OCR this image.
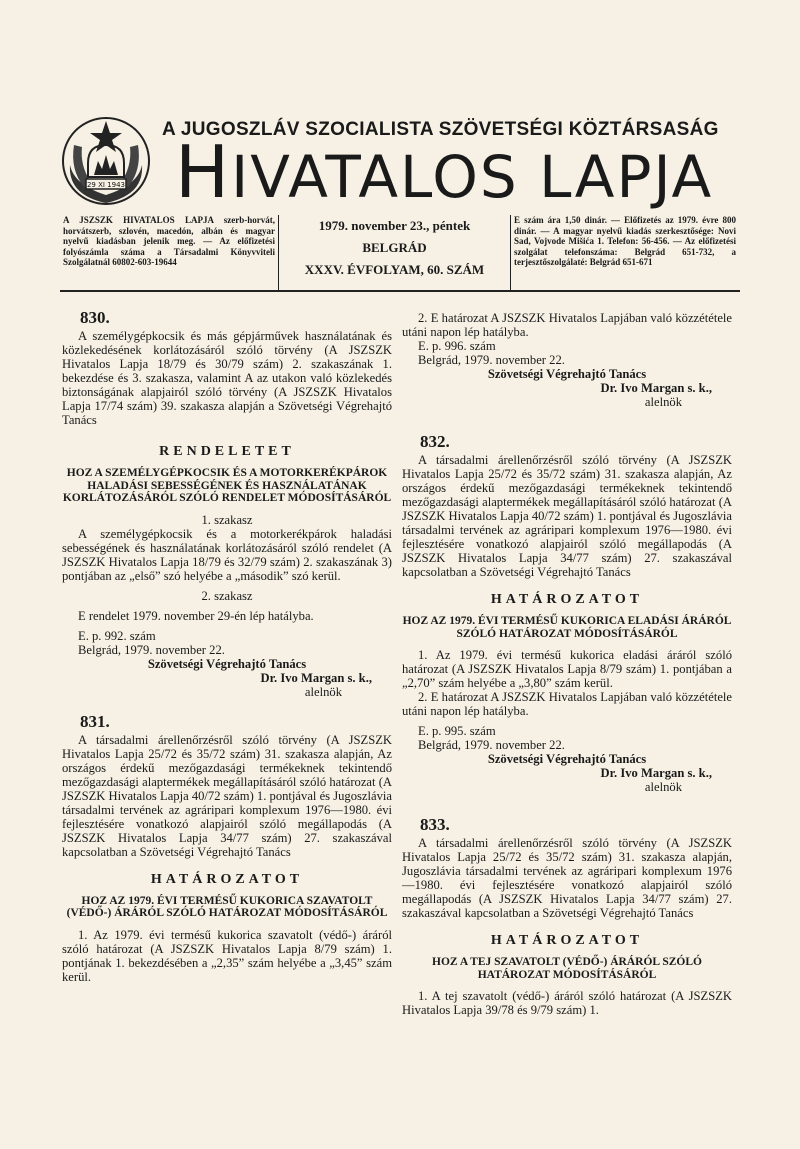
29 XI 1943
A JUGOSZLÁV SZOCIALISTA SZÖVETSÉGI KÖZTÁRSASÁG
HIVATALOS LAPJA
A JSZSZK HIVATALOS LAPJA szerb-horvát, horvátszerb, szlovén, macedón, albán és magyar nyelvű kiadásban jelenik meg. — Az előfizetési folyószámla száma a Társadalmi Könyvviteli Szolgálatnál 60802-603-19644
1979. november 23., péntek
BELGRÁD
XXXV. ÉVFOLYAM, 60. SZÁM
E szám ára 1,50 dinár. — Előfizetés az 1979. évre 800 dinár. — A magyar nyelvű kiadás szerkesztősége: Novi Sad, Vojvode Mišića 1. Telefon: 56-456. — Az előfizetési szolgálat telefonszáma: Belgrád 651-732, a terjesztőszolgálaté: Belgrád 651-671
830.

A személygépkocsik és más gépjárművek használatának és közlekedésének korlátozásáról szóló törvény (A JSZSZK Hivatalos Lapja 18/79 és 30/79 szám) 2. szakaszának 1. bekezdése és 3. szakasza, valamint A az utakon való közlekedés biztonságának alapjairól szóló törvény (A JSZSZK Hivatalos Lapja 17/74 szám) 39. szakasza alapján a Szövetségi Végrehajtó Tanács

RENDELETET
HOZ A SZEMÉLYGÉPKOCSIK ÉS A MOTORKERÉKPÁROK HALADÁSI SEBESSÉGÉNEK ÉS HASZNÁLATÁNAK KORLÁTOZÁSÁRÓL SZÓLÓ RENDELET MÓDOSÍTÁSÁRÓL

1. szakasz

A személygépkocsik és a motorkerékpárok haladási sebességének és használatának korlátozásáról szóló rendelet (A JSZSZK Hivatalos Lapja 18/79 és 32/79 szám) 2. szakaszának 3) pontjában az „első” szó helyébe a „második” szó kerül.

2. szakasz

E rendelet 1979. november 29-én lép hatályba.

E. p. 992. szám

Belgrád, 1979. november 22.

Szövetségi Végrehajtó Tanács

Dr. Ivo Margan s. k.,

alelnök

831.

A társadalmi árellenőrzésről szóló törvény (A JSZSZK Hivatalos Lapja 25/72 és 35/72 szám) 31. szakasza alapján, Az országos érdekű mezőgazdasági termékeknek tekintendő mezőgazdasági alaptermékek megállapításáról szóló határozat (A JSZSZK Hivatalos Lapja 40/72 szám) 1. pontjával és Jugoszlávia társadalmi tervének az agráripari komplexum 1976—1980. évi fejlesztésére vonatkozó alapjairól szóló megállapodás (A JSZSZK Hivatalos Lapja 34/77 szám) 27. szakaszával kapcsolatban a Szövetségi Végrehajtó Tanács

HATÁROZATOT
HOZ AZ 1979. ÉVI TERMÉSŰ KUKORICA SZAVATOLT (VÉDŐ-) ÁRÁRÓL SZÓLÓ HATÁROZAT MÓDOSÍTÁSÁRÓL

1. Az 1979. évi termésű kukorica szavatolt (védő-) áráról szóló határozat (A JSZSZK Hivatalos Lapja 8/79 szám) 1. pontjának 1. bekezdésében a „2,35” szám helyébe a „3,45” szám kerül.

2. E határozat A JSZSZK Hivatalos Lapjában való közzététele utáni napon lép hatályba.

E. p. 996. szám

Belgrád, 1979. november 22.

Szövetségi Végrehajtó Tanács

Dr. Ivo Margan s. k.,

alelnök

832.

A társadalmi árellenőrzésről szóló törvény (A JSZSZK Hivatalos Lapja 25/72 és 35/72 szám) 31. szakasza alapján, Az országos érdekű mezőgazdasági termékeknek tekintendő mezőgazdasági alaptermékek megállapításáról szóló határozat (A JSZSZK Hivatalos Lapja 40/72 szám) 1. pontjával és Jugoszlávia társadalmi tervének az agráripari komplexum 1976—1980. évi fejlesztésére vonatkozó alapjairól szóló megállapodás (A JSZSZK Hivatalos Lapja 34/77 szám) 27. szakaszával kapcsolatban a Szövetségi Végrehajtó Tanács

HATÁROZATOT
HOZ AZ 1979. ÉVI TERMÉSŰ KUKORICA ELADÁSI ÁRÁRÓL SZÓLÓ HATÁROZAT MÓDOSÍTÁSÁRÓL

1. Az 1979. évi termésű kukorica eladási áráról szóló határozat (A JSZSZK Hivatalos Lapja 8/79 szám) 1. pontjában a „2,70” szám helyébe a „3,80” szám kerül.

2. E határozat A JSZSZK Hivatalos Lapjában való közzététele utáni napon lép hatályba.

E. p. 995. szám

Belgrád, 1979. november 22.

Szövetségi Végrehajtó Tanács

Dr. Ivo Margan s. k.,

alelnök

833.

A társadalmi árellenőrzésről szóló törvény (A JSZSZK Hivatalos Lapja 25/72 és 35/72 szám) 31. szakasza alapján, Jugoszlávia társadalmi tervének az agráripari komplexum 1976—1980. évi fejlesztésére vonatkozó alapjairól szóló megállapodás (A JSZSZK Hivatalos Lapja 34/77 szám) 27. szakaszával kapcsolatban a Szövetségi Végrehajtó Tanács

HATÁROZATOT
HOZ A TEJ SZAVATOLT (VÉDŐ-) ÁRÁRÓL SZÓLÓ HATÁROZAT MÓDOSÍTÁSÁRÓL

1. A tej szavatolt (védő-) áráról szóló határozat (A JSZSZK Hivatalos Lapja 39/78 és 9/79 szám) 1.
